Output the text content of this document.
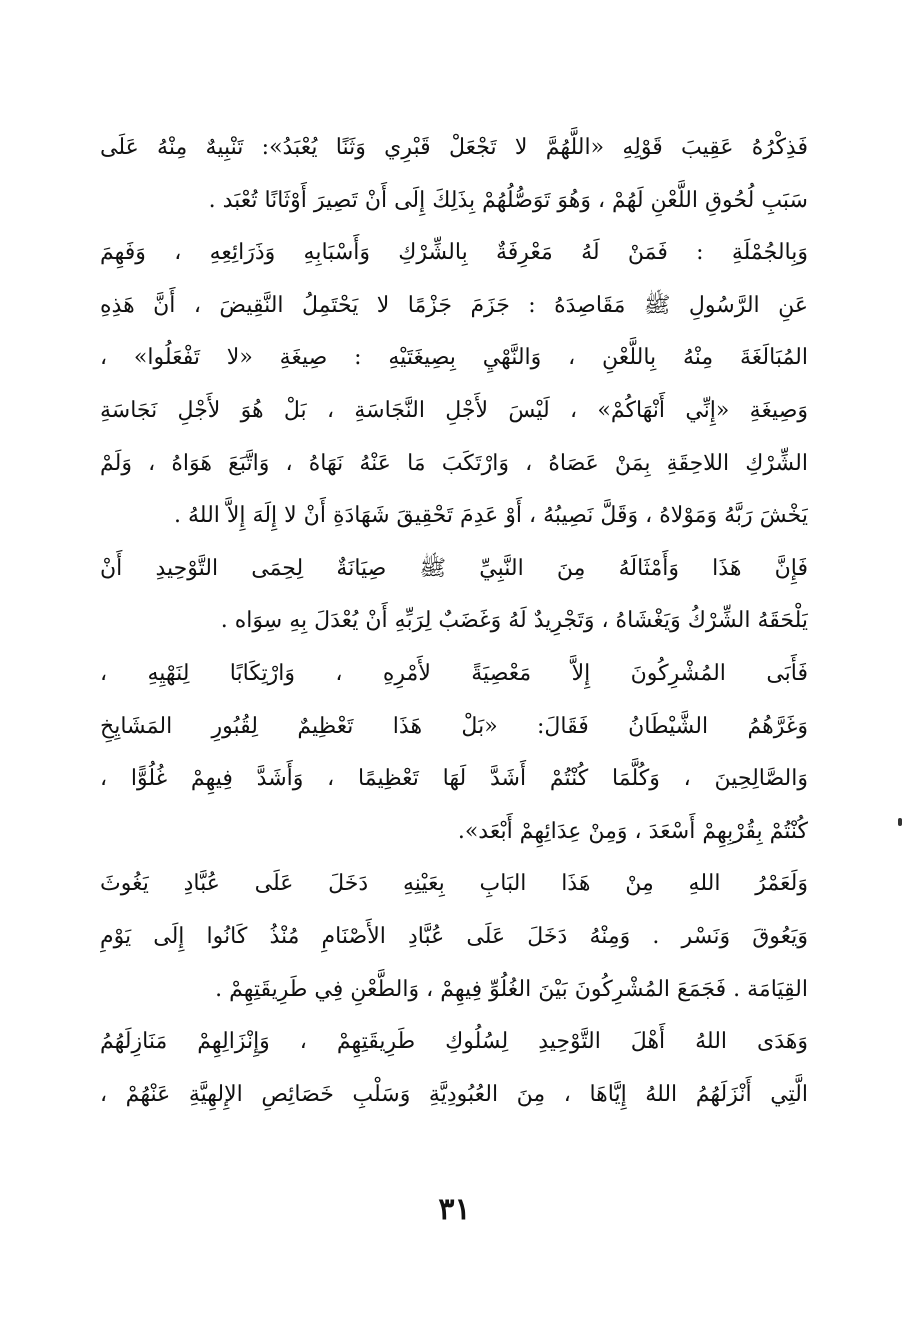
فَذِكْرُهُ عَقِيبَ قَوْلِهِ «اللَّهُمَّ لا تَجْعَلْ قَبْرِي وَثَنًا يُعْبَدُ»: تَنْبِيهٌ مِنْهُ عَلَى
سَبَبِ لُحُوقِ اللَّعْنِ لَهُمْ ، وَهُوَ تَوَصُّلُهُمْ بِذَلِكَ إِلَى أَنْ تَصِيرَ أَوْثَانًا تُعْبَد .
وَبِالجُمْلَةِ : فَمَنْ لَهُ مَعْرِفَةٌ بِالشِّرْكِ وَأَسْبَابِهِ وَذَرَائِعِهِ ، وَفَهِمَ
عَنِ الرَّسُولِ ﷺ مَقَاصِدَهُ : جَزَمَ جَزْمًا لا يَحْتَمِلُ النَّقِيضَ ، أَنَّ هَذِهِ
المُبَالَغَةَ مِنْهُ بِاللَّعْنِ ، وَالنَّهْيِ بِصِيغَتَيْهِ : صِيغَةِ «لا تَفْعَلُوا» ،
وَصِيغَةِ «إِنِّي أَنْهَاكُمْ» ، لَيْسَ لأَجْلِ النَّجَاسَةِ ، بَلْ هُوَ لأَجْلِ نَجَاسَةِ
الشِّرْكِ اللاحِقَةِ بِمَنْ عَصَاهُ ، وَارْتَكَبَ مَا عَنْهُ نَهَاهُ ، وَاتَّبَعَ هَوَاهُ ، وَلَمْ
يَخْشَ رَبَّهُ وَمَوْلاهُ ، وَقَلَّ نَصِيبُهُ ، أَوْ عَدِمَ تَحْقِيقَ شَهَادَةِ أَنْ لا إِلَهَ إِلاَّ اللهُ .
فَإِنَّ هَذَا وَأَمْثَالَهُ مِنَ النَّبِيِّ ﷺ صِيَانَةٌ لِحِمَى التَّوْحِيدِ أَنْ
يَلْحَقَهُ الشِّرْكُ وَيَغْشَاهُ ، وَتَجْرِيدٌ لَهُ وَغَضَبٌ لِرَبِّهِ أَنْ يُعْدَلَ بِهِ سِوَاه .
فَأَبَى المُشْرِكُونَ إِلاَّ مَعْصِيَةً لأَمْرِهِ ، وَارْتِكَابًا لِنَهْيِهِ ،
وَغَرَّهُمُ الشَّيْطَانُ فَقَالَ: «بَلْ هَذَا تَعْظِيمٌ لِقُبُورِ المَشَايِخِ
وَالصَّالِحِينَ ، وَكُلَّمَا كُنْتُمْ أَشَدَّ لَهَا تَعْظِيمًا ، وَأَشَدَّ فِيهِمْ غُلُوًّا ،
كُنْتُمْ بِقُرْبِهِمْ أَسْعَدَ ، وَمِنْ عِدَائِهِمْ أَبْعَد».
وَلَعَمْرُ اللهِ مِنْ هَذَا البَابِ بِعَيْنِهِ دَخَلَ عَلَى عُبَّادِ يَغُوثَ
وَيَعُوقَ وَنَسْر . وَمِنْهُ دَخَلَ عَلَى عُبَّادِ الأَصْنَامِ مُنْذُ كَانُوا إِلَى يَوْمِ
القِيَامَة . فَجَمَعَ المُشْرِكُونَ بَيْنَ الغُلُوِّ فِيهِمْ ، وَالطَّعْنِ فِي طَرِيقَتِهِمْ .
وَهَدَى اللهُ أَهْلَ التَّوْحِيدِ لِسُلُوكِ طَرِيقَتِهِمْ ، وَإِنْزَالِهِمْ مَنَازِلَهُمُ
الَّتِي أَنْزَلَهُمُ اللهُ إِيَّاهَا ، مِنَ العُبُودِيَّةِ وَسَلْبِ خَصَائِصِ الإِلهِيَّةِ عَنْهُمْ ،
٣١
